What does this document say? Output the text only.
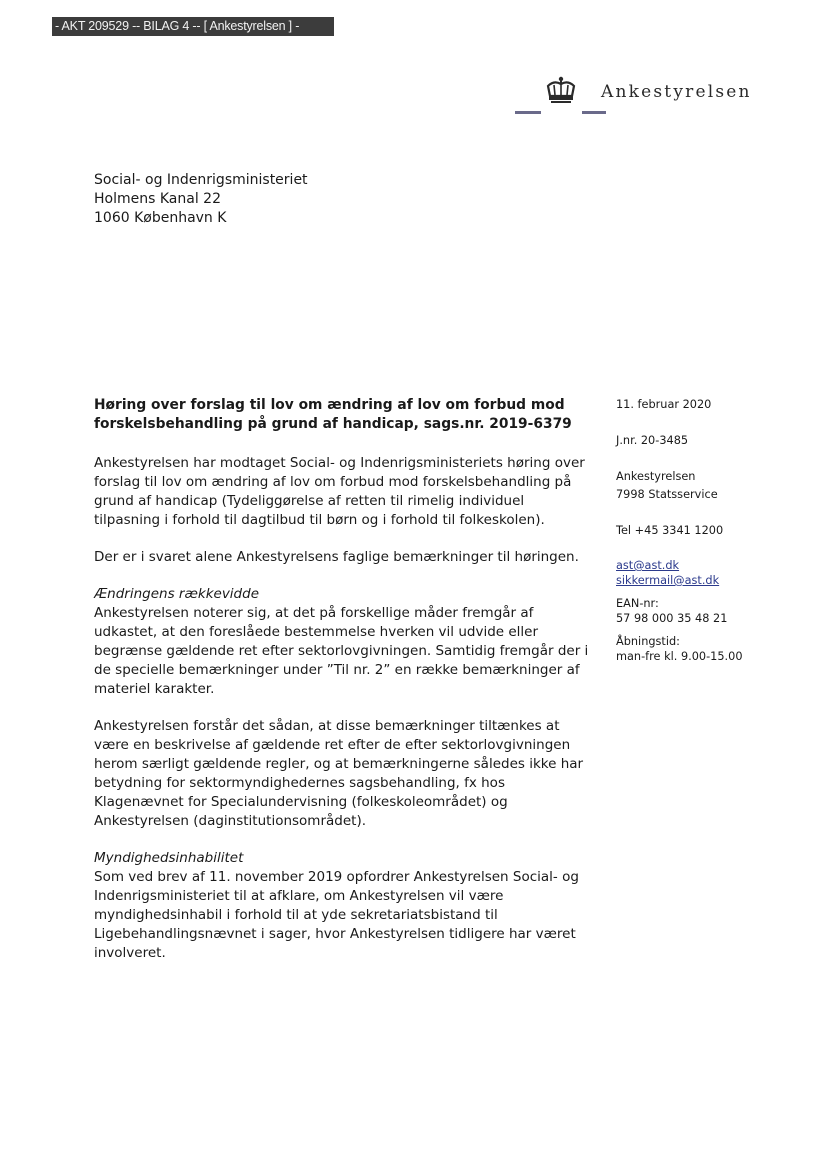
- AKT 209529 -- BILAG 4 -- [ Ankestyrelsen ] -
Ankestyrelsen
Social- og Indenrigsministeriet
Holmens Kanal 22
1060 København K

Høring over forslag til lov om ændring af lov om forbud mod forskelsbehandling på grund af handicap, sags.nr. 2019-6379

Ankestyrelsen har modtaget Social- og Indenrigsministeriets høring over forslag til lov om ændring af lov om forbud mod forskelsbehandling på grund af handicap (Tydeliggørelse af retten til rimelig individuel tilpasning i forhold til dagtilbud til børn og i forhold til folkeskolen).

Der er i svaret alene Ankestyrelsens faglige bemærkninger til høringen.

Ændringens rækkevidde

Ankestyrelsen noterer sig, at det på forskellige måder fremgår af udkastet, at den foreslåede bestemmelse hverken vil udvide eller begrænse gældende ret efter sektorlovgivningen. Samtidig fremgår der i de specielle bemærkninger under ”Til nr. 2” en række bemærkninger af materiel karakter.

Ankestyrelsen forstår det sådan, at disse bemærkninger tiltænkes at være en beskrivelse af gældende ret efter de efter sektorlovgivningen herom særligt gældende regler, og at bemærkningerne således ikke har betydning for sektormyndighedernes sagsbehandling, fx hos Klagenævnet for Specialundervisning (folkeskoleområdet) og Ankestyrelsen (daginstitutionsområdet).

Myndighedsinhabilitet

Som ved brev af 11. november 2019 opfordrer Ankestyrelsen Social- og Indenrigsministeriet til at afklare, om Ankestyrelsen vil være myndighedsinhabil i forhold til at yde sekretariatsbistand til Ligebehandlingsnævnet i sager, hvor Ankestyrelsen tidligere har været involveret.

11. februar 2020
J.nr. 20-3485
Ankestyrelsen
7998 Statsservice
Tel +45 3341 1200
ast@ast.dk
sikkermail@ast.dk
EAN-nr:
57 98 000 35 48 21
Åbningstid:
man-fre kl. 9.00-15.00
